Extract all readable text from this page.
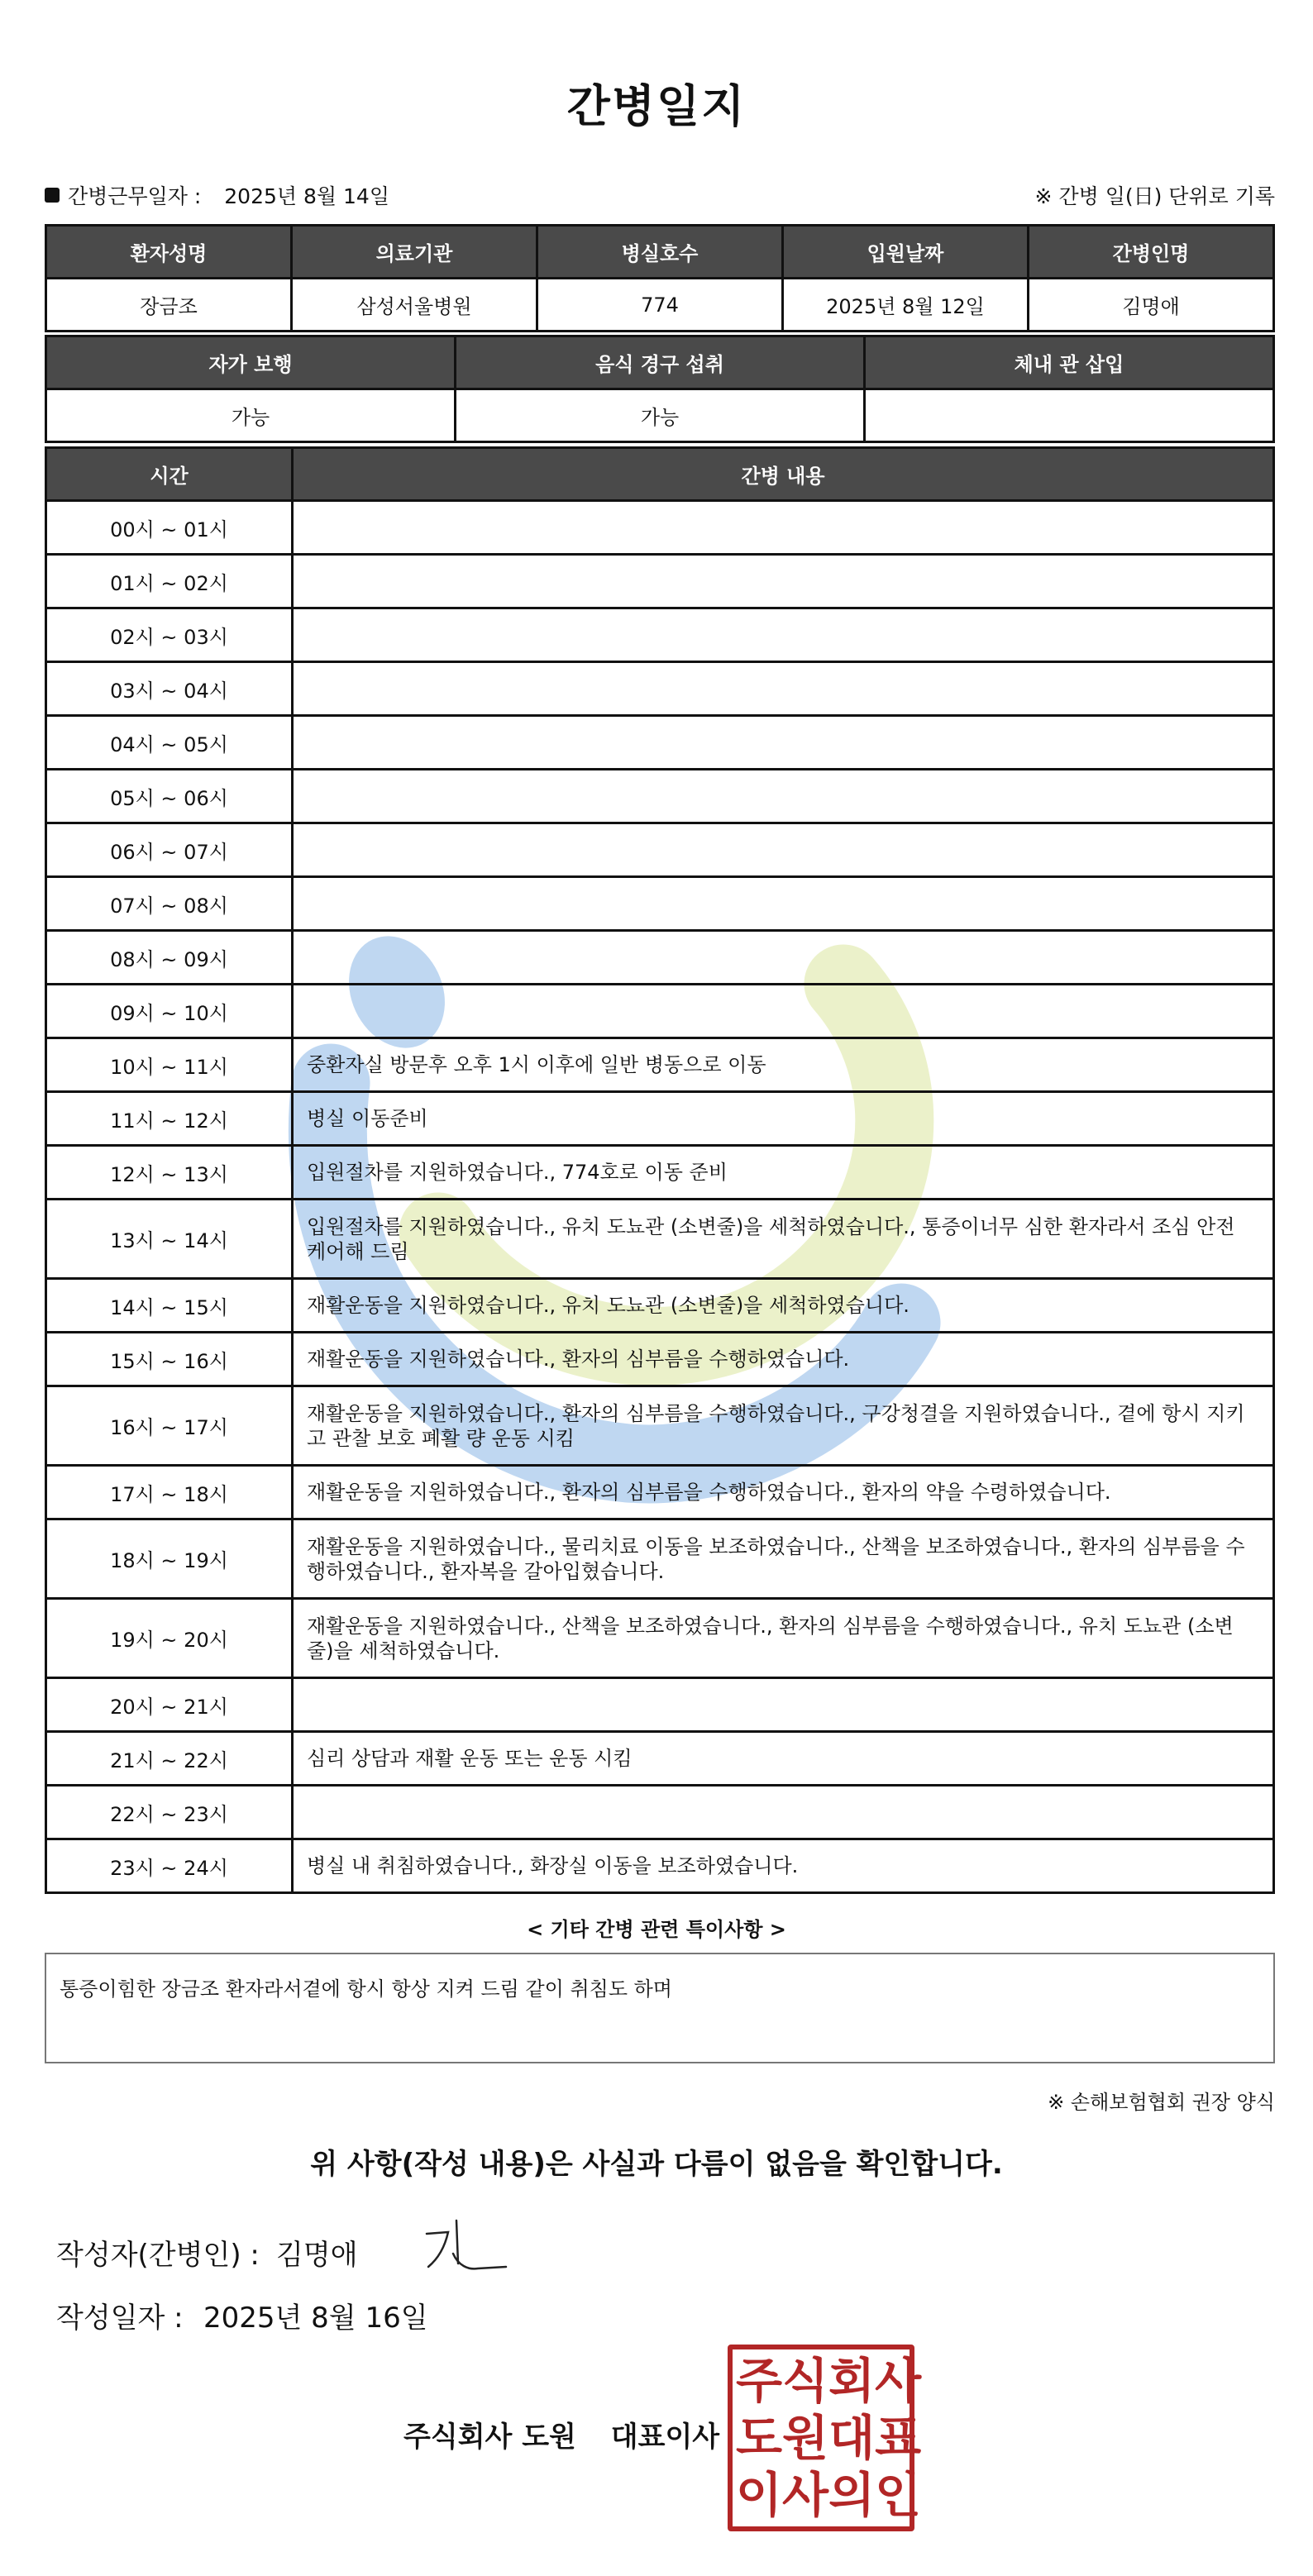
간병일지
간병근무일자 : 2025년 8월 14일	※ 간병 일(日) 단위로 기록
환자성명	의료기관	병실호수	입원날짜	간병인명
장금조	삼성서울병원	774	2025년 8월 12일	김명애
자가 보행	음식 경구 섭취	체내 관 삽입
가능	가능	
시간	간병 내용
00시 ~ 01시	
01시 ~ 02시	
02시 ~ 03시	
03시 ~ 04시	
04시 ~ 05시	
05시 ~ 06시	
06시 ~ 07시	
07시 ~ 08시	
08시 ~ 09시	
09시 ~ 10시	
10시 ~ 11시	중환자실 방문후 오후 1시 이후에 일반 병동으로 이동
11시 ~ 12시	병실 이동준비
12시 ~ 13시	입원절차를 지원하였습니다., 774호로 이동 준비
13시 ~ 14시	입원절차를 지원하였습니다., 유치 도뇨관 (소변줄)을 세척하였습니다., 통증이너무 심한 환자라서 조심 안전 케어해 드림
14시 ~ 15시	재활운동을 지원하였습니다., 유치 도뇨관 (소변줄)을 세척하였습니다.
15시 ~ 16시	재활운동을 지원하였습니다., 환자의 심부름을 수행하였습니다.
16시 ~ 17시	재활운동을 지원하였습니다., 환자의 심부름을 수행하였습니다., 구강청결을 지원하였습니다., 곁에 항시 지키고 관찰 보호 폐활 량 운동 시킴
17시 ~ 18시	재활운동을 지원하였습니다., 환자의 심부름을 수행하였습니다., 환자의 약을 수령하였습니다.
18시 ~ 19시	재활운동을 지원하였습니다., 물리치료 이동을 보조하였습니다., 산책을 보조하였습니다., 환자의 심부름을 수행하였습니다., 환자복을 갈아입혔습니다.
19시 ~ 20시	재활운동을 지원하였습니다., 산책을 보조하였습니다., 환자의 심부름을 수행하였습니다., 유치 도뇨관 (소변줄)을 세척하였습니다.
20시 ~ 21시	
21시 ~ 22시	심리 상담과 재활 운동 또는 운동 시킴
22시 ~ 23시	
23시 ~ 24시	병실 내 취침하였습니다., 화장실 이동을 보조하였습니다.
< 기타 간병 관련 특이사항 >
통증이힘한 장금조 환자라서곁에 항시 항상 지켜 드림 같이 취침도 하며
※ 손해보험협회 권장 양식
위 사항(작성 내용)은 사실과 다름이 없음을 확인합니다.
작성자(간병인) : 김명애
작성일자 : 2025년 8월 16일
주식회사 도원 대표이사
주 식 회 사
도 원 대 표
이 사 의 인
